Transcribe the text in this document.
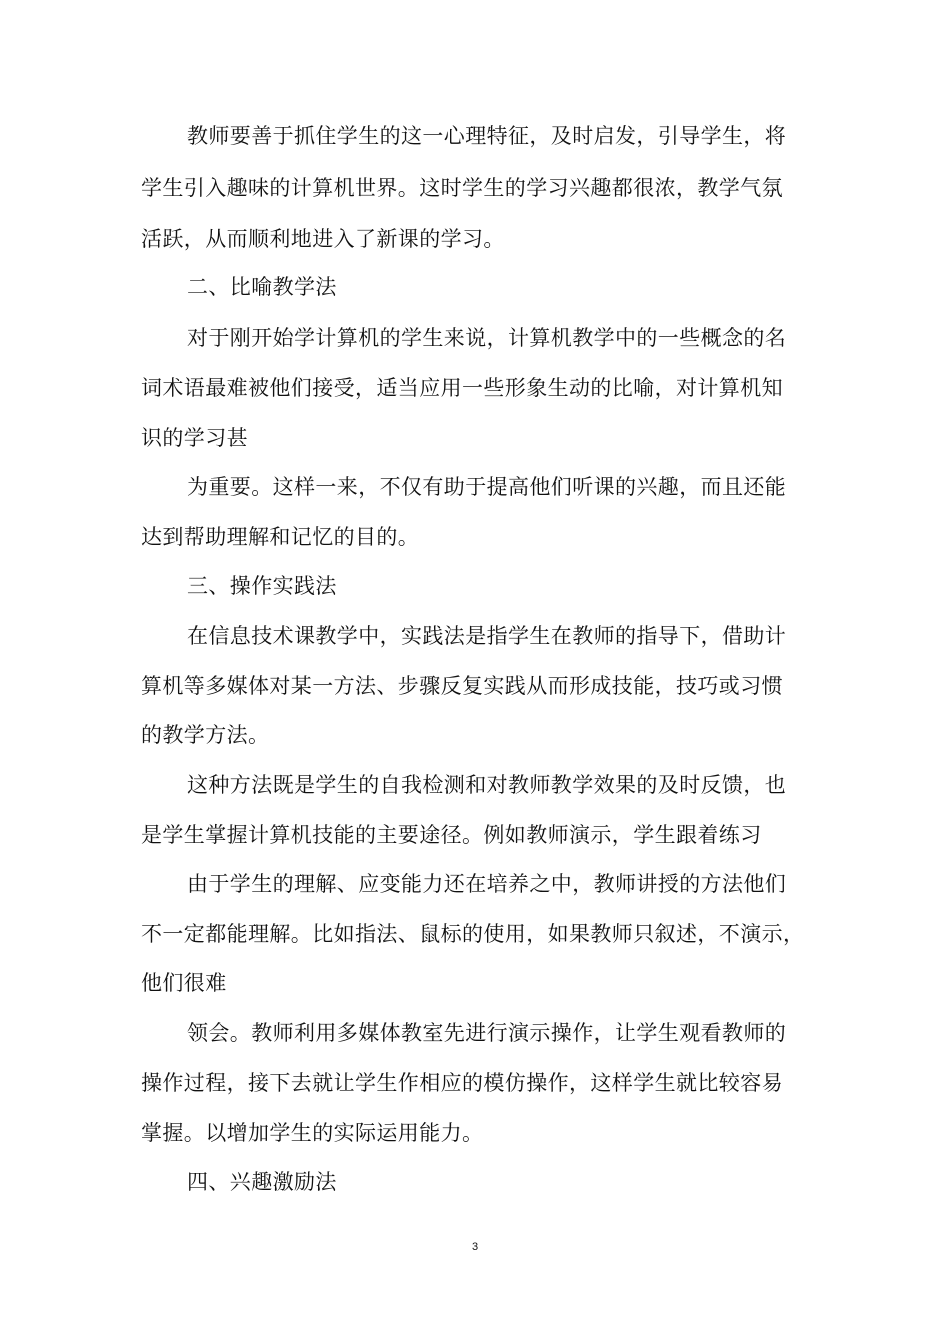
教师要善于抓住学生的这一心理特征，及时启发，引导学生，将
学生引入趣味的计算机世界。这时学生的学习兴趣都很浓，教学气氛
活跃，从而顺利地进入了新课的学习。
二、比喻教学法
对于刚开始学计算机的学生来说，计算机教学中的一些概念的名
词术语最难被他们接受，适当应用一些形象生动的比喻，对计算机知
识的学习甚
为重要。这样一来，不仅有助于提高他们听课的兴趣，而且还能
达到帮助理解和记忆的目的。
三、操作实践法
在信息技术课教学中，实践法是指学生在教师的指导下，借助计
算机等多媒体对某一方法、步骤反复实践从而形成技能，技巧或习惯
的教学方法。
这种方法既是学生的自我检测和对教师教学效果的及时反馈，也
是学生掌握计算机技能的主要途径。例如教师演示，学生跟着练习
由于学生的理解、应变能力还在培养之中，教师讲授的方法他们
不一定都能理解。比如指法、鼠标的使用，如果教师只叙述，不演示，
他们很难
领会。教师利用多媒体教室先进行演示操作，让学生观看教师的
操作过程，接下去就让学生作相应的模仿操作，这样学生就比较容易
掌握。以增加学生的实际运用能力。
四、兴趣激励法
3
